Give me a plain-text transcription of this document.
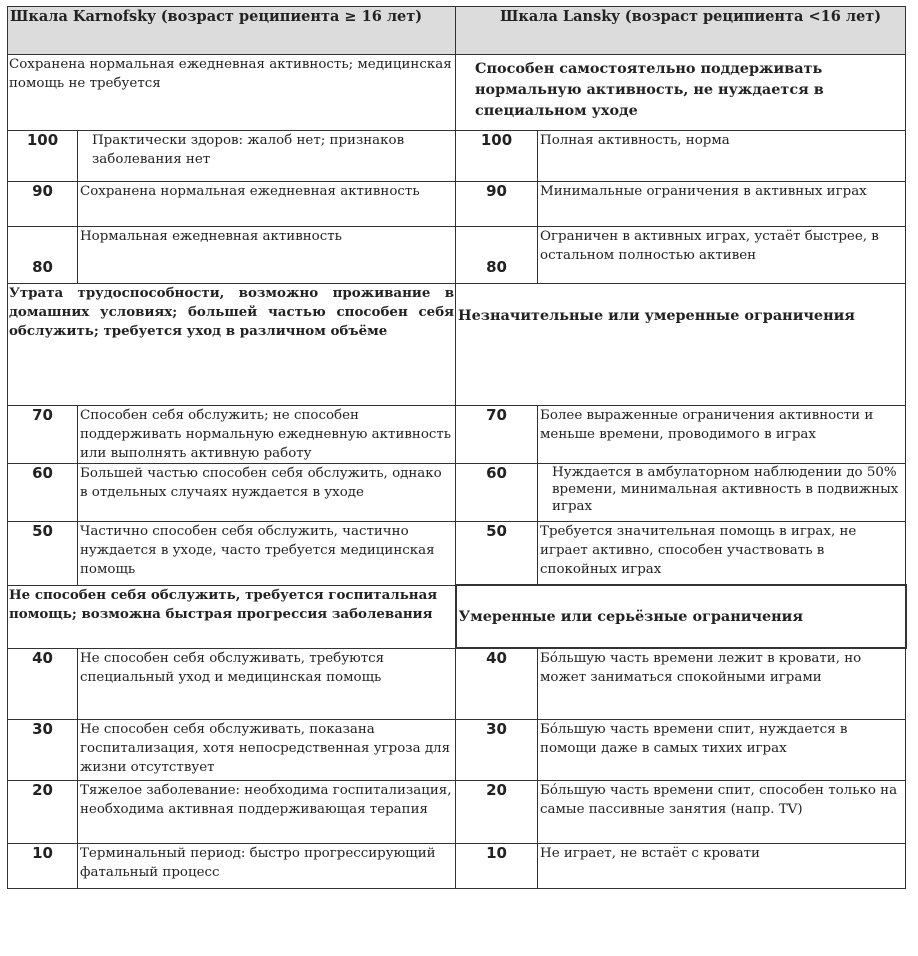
Шкала Karnofsky (возраст реципиента ≥ 16 лет)		Шкала Lansky (возраст реципиента <16 лет)	
Сохранена нормальная ежедневная активность; медицинская помощь не требуется		Способен самостоятельно поддерживать нормальную активность, не нуждается в специальном уходе	
100	Практически здоров: жалоб нет; признаков заболевания нет	100	Полная активность, норма
90	Сохранена нормальная ежедневная активность	90	Минимальные ограничения в активных играх
80	Нормальная ежедневная активность	80	Ограничен в активных играх, устаёт быстрее, в остальном полностью активен
Утрата трудоспособности, возможно проживание в домашних условиях; большей частью способен себя обслужить; требуется уход в различном объёме		Незначительные или умеренные ограничения	
70	Способен себя обслужить; не способен поддерживать нормальную ежедневную активность или выполнять активную работу	70	Более выраженные ограничения активности и меньше времени, проводимого в играх
60	Большей частью способен себя обслужить, однако в отдельных случаях нуждается в уходе	60	Нуждается в амбулаторном наблюдении до 50% времени, минимальная активность в подвижных играх
50	Частично способен себя обслужить, частично нуждается в уходе, часто требуется медицинская помощь	50	Требуется значительная помощь в играх, не играет активно, способен участвовать в спокойных играх
Не способен себя обслужить, требуется госпитальная помощь; возможна быстрая прогрессия заболевания		Умеренные или серьёзные ограничения	
40	Не способен себя обслуживать, требуются специальный уход и медицинская помощь	40	Бóльшую часть времени лежит в кровати, но может заниматься спокойными играми
30	Не способен себя обслуживать, показана госпитализация, хотя непосредственная угроза для жизни отсутствует	30	Бóльшую часть времени спит, нуждается в помощи даже в самых тихих играх
20	Тяжелое заболевание: необходима госпитализация, необходима активная поддерживающая терапия	20	Бóльшую часть времени спит, способен только на самые пассивные занятия (напр. TV)
10	Терминальный период: быстро прогрессирующий фатальный процесс	10	Не играет, не встаёт с кровати
